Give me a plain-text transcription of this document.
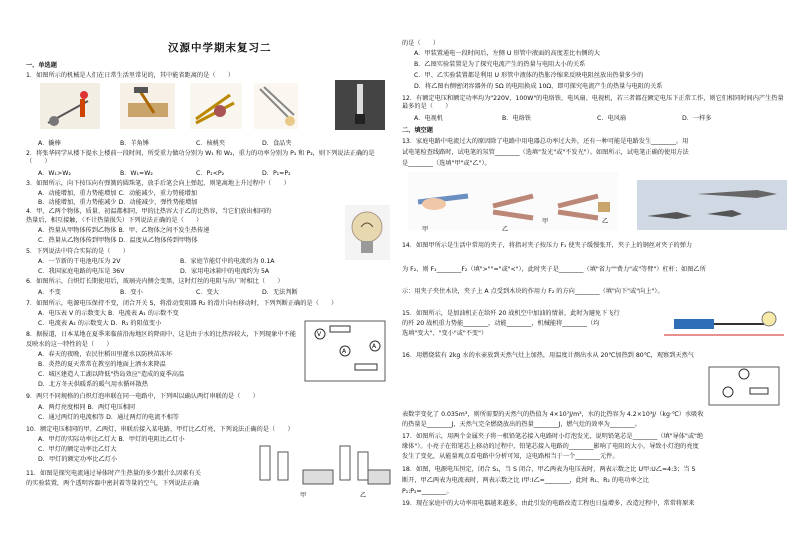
汉源中学期末复习二
一、单选题
1．如图所示的机械是人们在日常生活里常见的，其中能省距离的是（　　）
A．撬棒	B．羊角锤	C．核桃夹	D．食品夹
2．将张华同学从楼下提水上楼前一段时间，所受重力做功分别为 W₁ 和 W₂，重力的功率分别为 P₁ 和 P₂，则下列说法正确的是（　　）
A．W₁>W₂	B．W₁=W₂	C．P₁<P₂	D．P₁=P₂
3．如图所示，向下按压向有弹簧的圆珠笔，放手后笔会向上弹起，则笔离地上升过程中（　　）
A．动能增加，重力势能增加 C．动能减少，重力势能增加
B．动能增加，重力势能减少 D．动能减少，弹性势能增加
4．甲、乙两个物体，质量、初温都相同，甲的比热容大于乙的比热容，当它们放出相同的
热量后，相互接触，（不计热量损失）下列说法正确的是（　　）
A．热量从甲物体传到乙物体 B．甲、乙物体之间不发生热传递
C．热量从乙物体传到甲物体 D．温度从乙物体传到甲物体
5．下列说法中符合实际的是（　　）
A．一节新的干电池电压为 2V	B．家庭节能灯中的电流约为 0.1A
C．我国家庭电路的电压是 36V	D．家用电冰箱中的电流约为 5A
6．如图所示，白炽灯长期使用后，玻璃壳内侧会变黑，这时灯丝的电阻与出厂时相比（　　）
A．不变	B．变小	C．变大	D．无法判断
7．如图所示，电源电压保持不变，闭合开关 S，将滑动变阻器 R₂ 的滑片向右移动时，下列判断正确的是（　　）
A．电压表 V 的示数变大 B．电流表 A₁ 的示数不变
C．电流表 A₂ 的示数变大 D．R₁ 的阻值变小
V
A
A
8．据报道，日本某地在夏季来临前沿海地区的降雨中，这是由于水的比热容较大，下列现象中不能
反映水的这一特性的是（　　）
A．春天的夜晚，农民往稻田里灌水以防秧苗冻坏
B．炎热的夏天常常在教室的地面上洒水来降温
C．城区建造人工湖以降低"热岛效应"造成的夏季高温
D．北方冬天供暖系的暖气用水循环散热
9．两只不同规格的白炽灯泡串联在同一电路中，下列叫以确认两灯串联的是（　　）
A．两灯亮度相同 B．两灯电压相同
C．通过两灯的电流相等 D．通过两灯的电流不相等
10．额定电压相同的甲、乙两灯，串联后接入某电路，甲灯比乙灯亮，下列说法正确的是（　　）
A．甲灯的实际功率比乙灯大 B．甲灯的电阻比乙灯小
C．甲灯的额定功率比乙灯大
D．甲灯的额定功率比乙灯小
11．如图是探究电流通过导体时产生热量的多少跟什么因素有关
的实验装置，两个透明容器中密封着等量的空气，下列说法正确
甲	乙
的是（　　）
A．甲装置通电一段时间后，左侧 U 形管中液面的高度差比右侧的大
B．乙图实验装置是为了探究电流产生的热量与电阻大小的关系
C．甲、乙实验装置都是利用 U 形管中液体的热胀冷缩来反映电阻丝放出热量多少的
D．将乙图右侧密闭容器外的 5Ω 的电阻换成 10Ω，即可探究电流产生的热量与电阻的关系
12．有额定电压和额定功率均为"220V，100W"的电烙铁、电风扇、电视机，若三者都在额定电压下正常工作，则它们相同时间内产生热量最多的是（　　）
A．电视机	B．电烙铁	C．电风扇	D．一样多
二、填空题
13．家庭电路中电流过大的原因除了电路中用电器总功率过大外，还有一种可能是电路发生________。用
试电笔检查线路时，试电笔的氖管________（选填"发光"或"不发光"）。如图所示，试电笔正确的使用方法
是________（选填"甲"或"乙"）。
甲	乙
甲	乙
14．如图甲所示是生活中常用的夹子，将指对夹子按压力 F₁ 使夹子缓慢张开，夹子上的钢丝对夹子的弹力
为 F₂，则 F₁________F₂（填">""="或"<"），此时夹子是________（填"省力""费力"或"等臂"）杠杆；如图乙所
示：用夹子夹住木块，夹子上 A 点受到木块的作用力 F₂ 的方向________（填"向下"或"向上"）。
15．如图所示，是加油机正在给歼 20 战机空中加油的情景，此时为避免下飞行
的歼 20 战机重力势能________，动能________，机械能将________（均
选填"变大"、"变小"或"不变"）
16．用燃烧装有 2kg 水的水壶放到天然气灶上加热，用温度计测出水从 20℃加热到 80℃，观察到天然气
表数字变化了 0.035m³，则所需要的天然气的热值为 4×10⁷J/m³，水的比热容为 4.2×10³J/（kg·℃）水吸收
的热量是________J，天然气完全燃烧放出的热量________J，燃气灶的效率为________。
17．如图所示，用两个金属夹子将一根铅笔芯接入电路时小灯泡发光，说明铅笔芯是________（填"导体"或"绝
缘体"）。小亮子在铅笔芯上移动的过程中，铅笔芯接入电路的________影响了电阻的大小，导致小灯泡的亮度
发生了变化，从能量观点看电路中分析可知，这电路相当于一个________元件。
18．如图，电源电压恒定，闭合 S₁，当 S 闭合，甲乙两表为电压表时，两表示数之比 U甲:U乙=4:3；当 S
断开，甲乙两表为电流表时，两表示数之比 I甲:I乙=________，此时 R₁、R₂ 的电功率之比
P₁:P₂=________。
19．现在家庭中的大功率用电器越来越多，由此引发的电路改造工程也日益增多，改造过程中，常常将原来
